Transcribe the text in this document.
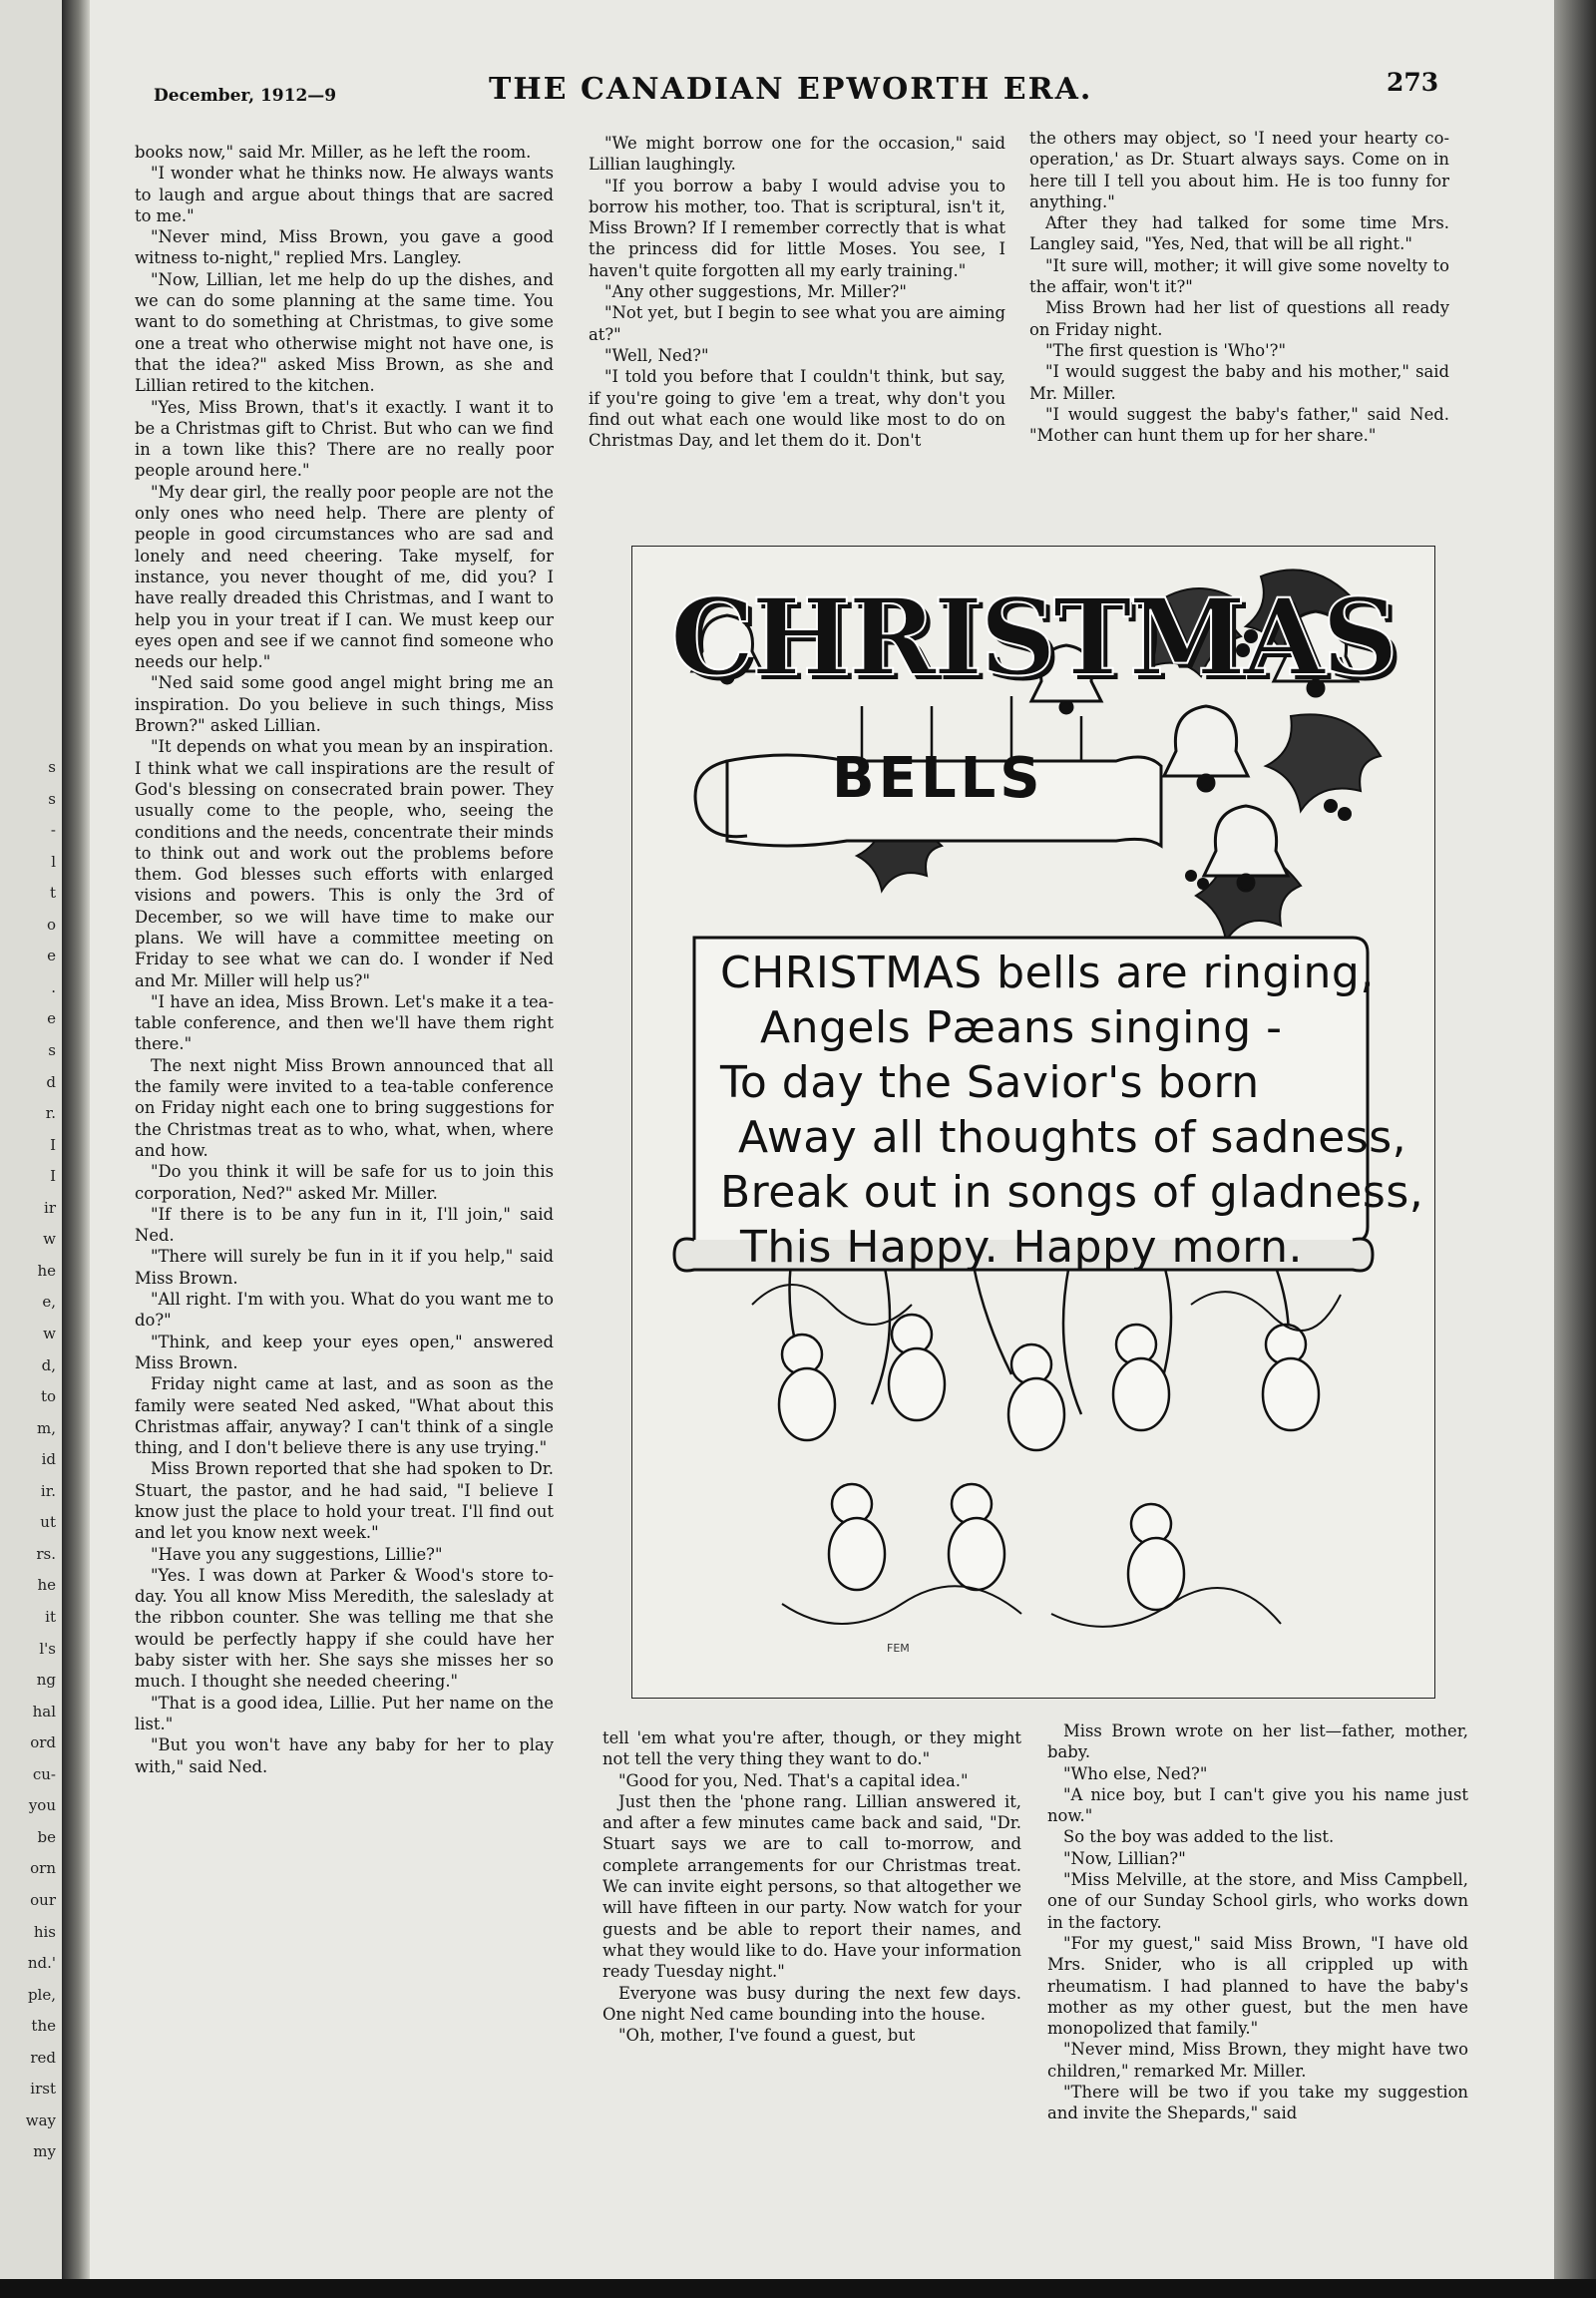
s
s
-
l
t
o
e
.
e
s
d
r.
I
I
ir
w
he
e,
w
d,
to
m,
id
ir.
ut
rs.
he
it
l's
ng
hal
ord
cu-
you
be
orn
our
his
nd.'
ple,
the
red
irst
way
my
December, 1912—9	THE CANADIAN EPWORTH ERA.	273

books now," said Mr. Miller, as he left the room.

"I wonder what he thinks now. He always wants to laugh and argue about things that are sacred to me."

"Never mind, Miss Brown, you gave a good witness to-night," replied Mrs. Langley.

"Now, Lillian, let me help do up the dishes, and we can do some planning at the same time. You want to do something at Christmas, to give some one a treat who otherwise might not have one, is that the idea?" asked Miss Brown, as she and Lillian retired to the kitchen.

"Yes, Miss Brown, that's it exactly. I want it to be a Christmas gift to Christ. But who can we find in a town like this? There are no really poor people around here."

"My dear girl, the really poor people are not the only ones who need help. There are plenty of people in good circumstances who are sad and lonely and need cheering. Take myself, for instance, you never thought of me, did you? I have really dreaded this Christmas, and I want to help you in your treat if I can. We must keep our eyes open and see if we cannot find someone who needs our help."

"Ned said some good angel might bring me an inspiration. Do you believe in such things, Miss Brown?" asked Lillian.

"It depends on what you mean by an inspiration. I think what we call inspirations are the result of God's blessing on consecrated brain power. They usually come to the people, who, seeing the conditions and the needs, concentrate their minds to think out and work out the problems before them. God blesses such efforts with enlarged visions and powers. This is only the 3rd of December, so we will have time to make our plans. We will have a committee meeting on Friday to see what we can do. I wonder if Ned and Mr. Miller will help us?"

"I have an idea, Miss Brown. Let's make it a tea-table conference, and then we'll have them right there."

The next night Miss Brown announced that all the family were invited to a tea-table conference on Friday night each one to bring suggestions for the Christmas treat as to who, what, when, where and how.

"Do you think it will be safe for us to join this corporation, Ned?" asked Mr. Miller.

"If there is to be any fun in it, I'll join," said Ned.

"There will surely be fun in it if you help," said Miss Brown.

"All right. I'm with you. What do you want me to do?"

"Think, and keep your eyes open," answered Miss Brown.

Friday night came at last, and as soon as the family were seated Ned asked, "What about this Christmas affair, anyway? I can't think of a single thing, and I don't believe there is any use trying."

Miss Brown reported that she had spoken to Dr. Stuart, the pastor, and he had said, "I believe I know just the place to hold your treat. I'll find out and let you know next week."

"Have you any suggestions, Lillie?"

"Yes. I was down at Parker & Wood's store to-day. You all know Miss Meredith, the saleslady at the ribbon counter. She was telling me that she would be perfectly happy if she could have her baby sister with her. She says she misses her so much. I thought she needed cheering."

"That is a good idea, Lillie. Put her name on the list."

"But you won't have any baby for her to play with," said Ned.

"We might borrow one for the occasion," said Lillian laughingly.

"If you borrow a baby I would advise you to borrow his mother, too. That is scriptural, isn't it, Miss Brown? If I remember correctly that is what the princess did for little Moses. You see, I haven't quite forgotten all my early training."

"Any other suggestions, Mr. Miller?"

"Not yet, but I begin to see what you are aiming at?"

"Well, Ned?"

"I told you before that I couldn't think, but say, if you're going to give 'em a treat, why don't you find out what each one would like most to do on Christmas Day, and let them do it. Don't

the others may object, so 'I need your hearty co-operation,' as Dr. Stuart always says. Come on in here till I tell you about him. He is too funny for anything."

After they had talked for some time Mrs. Langley said, "Yes, Ned, that will be all right."

"It sure will, mother; it will give some novelty to the affair, won't it?"

Miss Brown had her list of questions all ready on Friday night.

"The first question is 'Who'?"

"I would suggest the baby and his mother," said Mr. Miller.

"I would suggest the baby's father," said Ned. "Mother can hunt them up for her share."

CHRISTMAS
BELLS
CHRISTMAS bells are ringing,
Angels Pæans singing -
To day the Savior's born
Away all thoughts of sadness,
Break out in songs of gladness,
This Happy. Happy morn.
FEM

tell 'em what you're after, though, or they might not tell the very thing they want to do."

"Good for you, Ned. That's a capital idea."

Just then the 'phone rang. Lillian answered it, and after a few minutes came back and said, "Dr. Stuart says we are to call to-morrow, and complete arrangements for our Christmas treat. We can invite eight persons, so that altogether we will have fifteen in our party. Now watch for your guests and be able to report their names, and what they would like to do. Have your information ready Tuesday night."

Everyone was busy during the next few days. One night Ned came bounding into the house.

"Oh, mother, I've found a guest, but

Miss Brown wrote on her list—father, mother, baby.

"Who else, Ned?"

"A nice boy, but I can't give you his name just now."

So the boy was added to the list.

"Now, Lillian?"

"Miss Melville, at the store, and Miss Campbell, one of our Sunday School girls, who works down in the factory.

"For my guest," said Miss Brown, "I have old Mrs. Snider, who is all crippled up with rheumatism. I had planned to have the baby's mother as my other guest, but the men have monopolized that family."

"Never mind, Miss Brown, they might have two children," remarked Mr. Miller.

"There will be two if you take my suggestion and invite the Shepards," said
